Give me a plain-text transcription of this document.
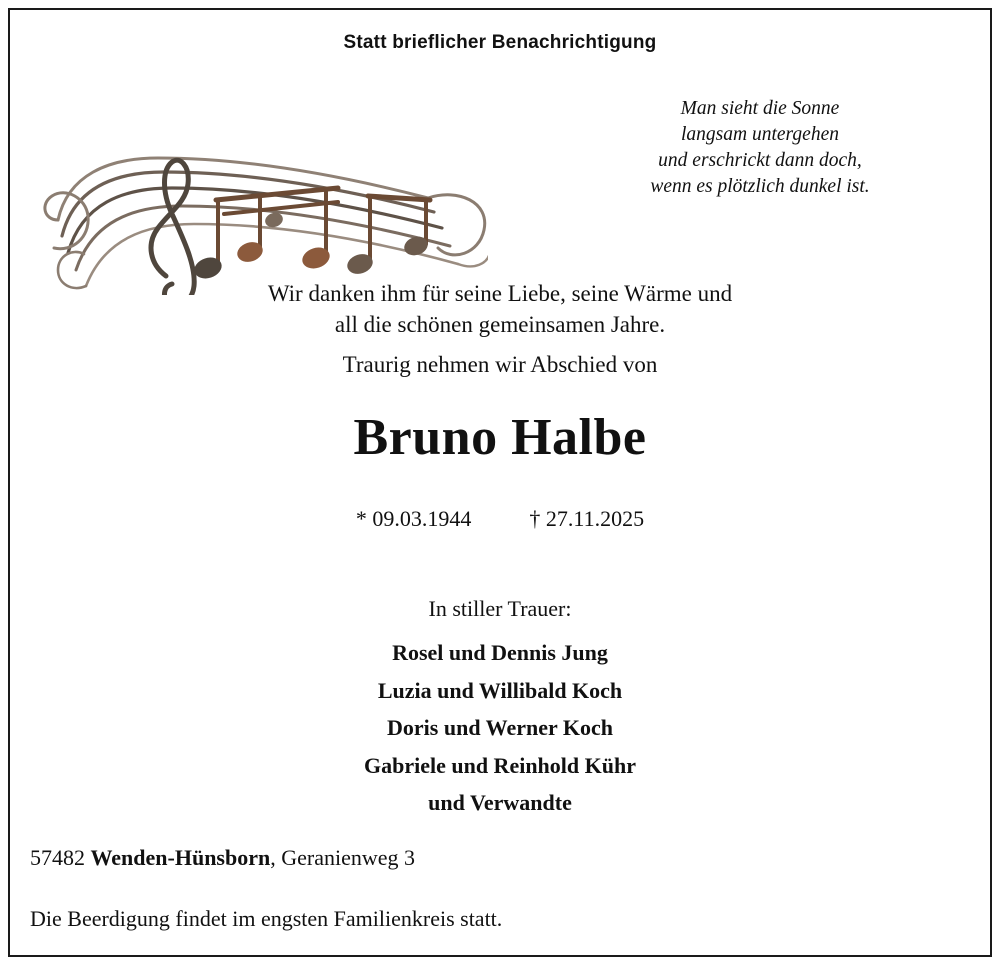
Statt brieflicher Benachrichtigung
Man sieht die Sonne
langsam untergehen
und erschrickt dann doch,
wenn es plötzlich dunkel ist.
Wir danken ihm für seine Liebe, seine Wärme und
all die schönen gemeinsamen Jahre.
Traurig nehmen wir Abschied von
Bruno Halbe
* 09.03.1944	† 27.11.2025
In stiller Trauer:
Rosel und Dennis Jung
Luzia und Willibald Koch
Doris und Werner Koch
Gabriele und Reinhold Kühr
und Verwandte
57482 Wenden-Hünsborn, Geranienweg 3
Die Beerdigung findet im engsten Familienkreis statt.
